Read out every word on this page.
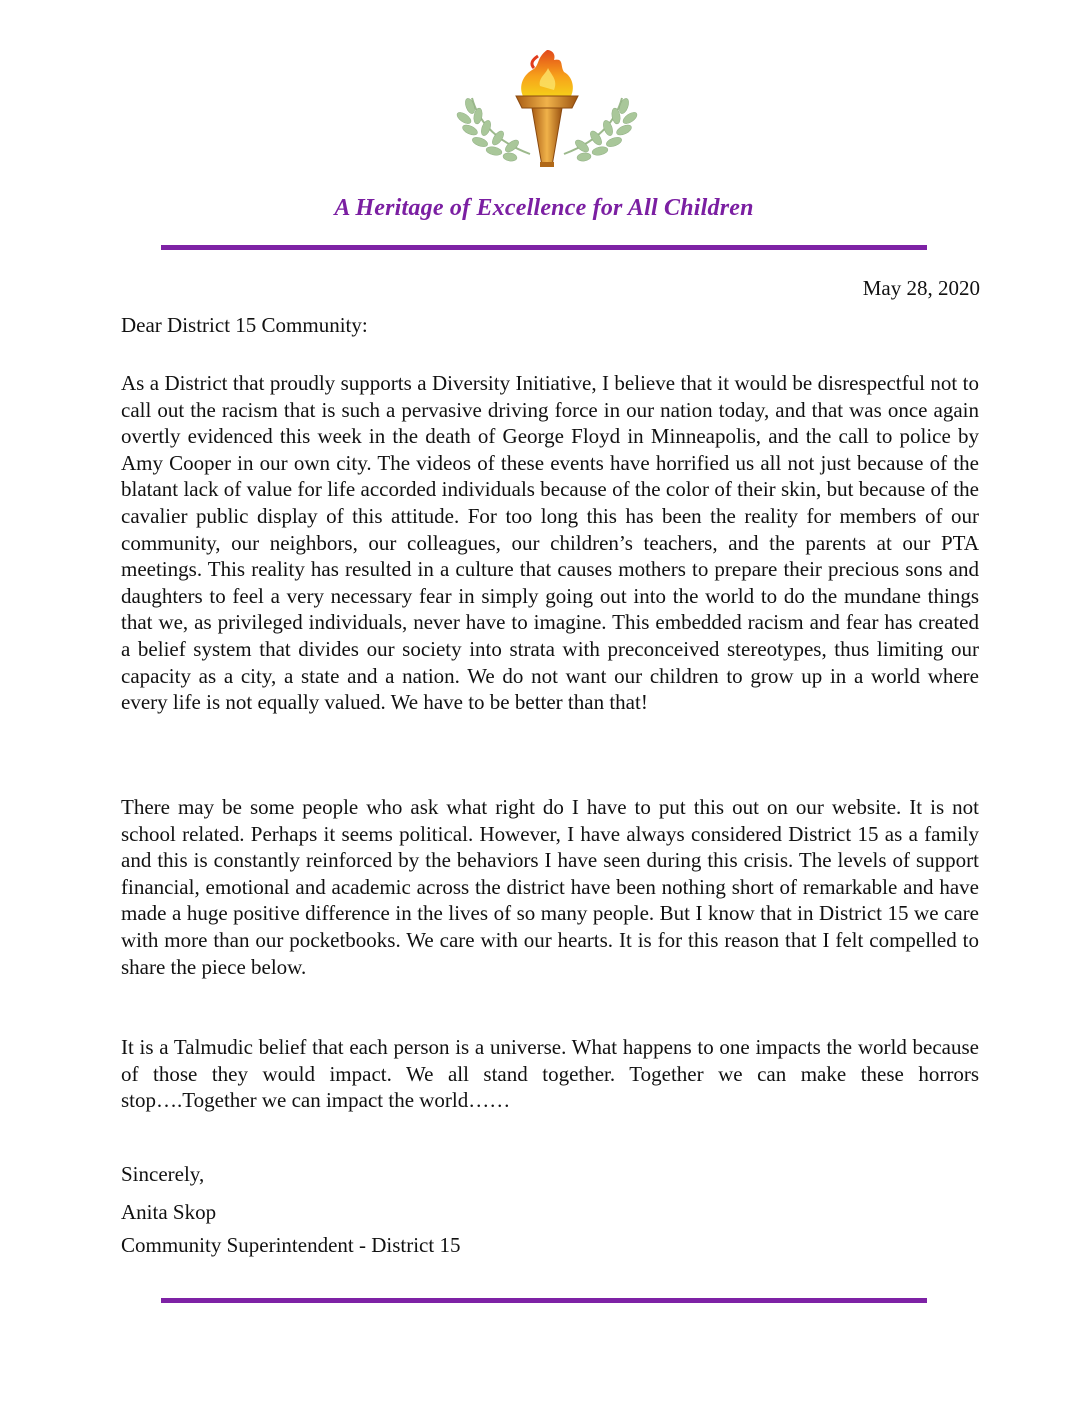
A Heritage of Excellence for All Children
May 28, 2020
Dear District 15 Community:
As a District that proudly supports a Diversity Initiative, I believe that it would be disrespectful not to call out the racism that is such a pervasive driving force in our nation today, and that was once again overtly evidenced this week in the death of George Floyd in Minneapolis, and the call to police by Amy Cooper in our own city. The videos of these events have horrified us all not just because of the blatant lack of value for life accorded individuals because of the color of their skin, but because of the cavalier public display of this attitude. For too long this has been the reality for members of our community, our neighbors, our colleagues, our children’s teachers, and the parents at our PTA meetings. This reality has resulted in a culture that causes mothers to prepare their precious sons and daughters to feel a very necessary fear in simply going out into the world to do the mundane things that we, as privileged individuals, never have to imagine. This embedded racism and fear has created a belief system that divides our society into strata with preconceived stereotypes, thus limiting our capacity as a city, a state and a nation. We do not want our children to grow up in a world where every life is not equally valued. We have to be better than that!
There may be some people who ask what right do I have to put this out on our website. It is not school related. Perhaps it seems political. However, I have always considered District 15 as a family and this is constantly reinforced by the behaviors I have seen during this crisis. The levels of support financial, emotional and academic across the district have been nothing short of remarkable and have made a huge positive difference in the lives of so many people. But I know that in District 15 we care with more than our pocketbooks. We care with our hearts. It is for this reason that I felt compelled to share the piece below.
It is a Talmudic belief that each person is a universe. What happens to one impacts the world because of those they would impact. We all stand together. Together we can make these horrors stop….Together we can impact the world……
Sincerely,
Anita Skop
Community Superintendent - District 15
